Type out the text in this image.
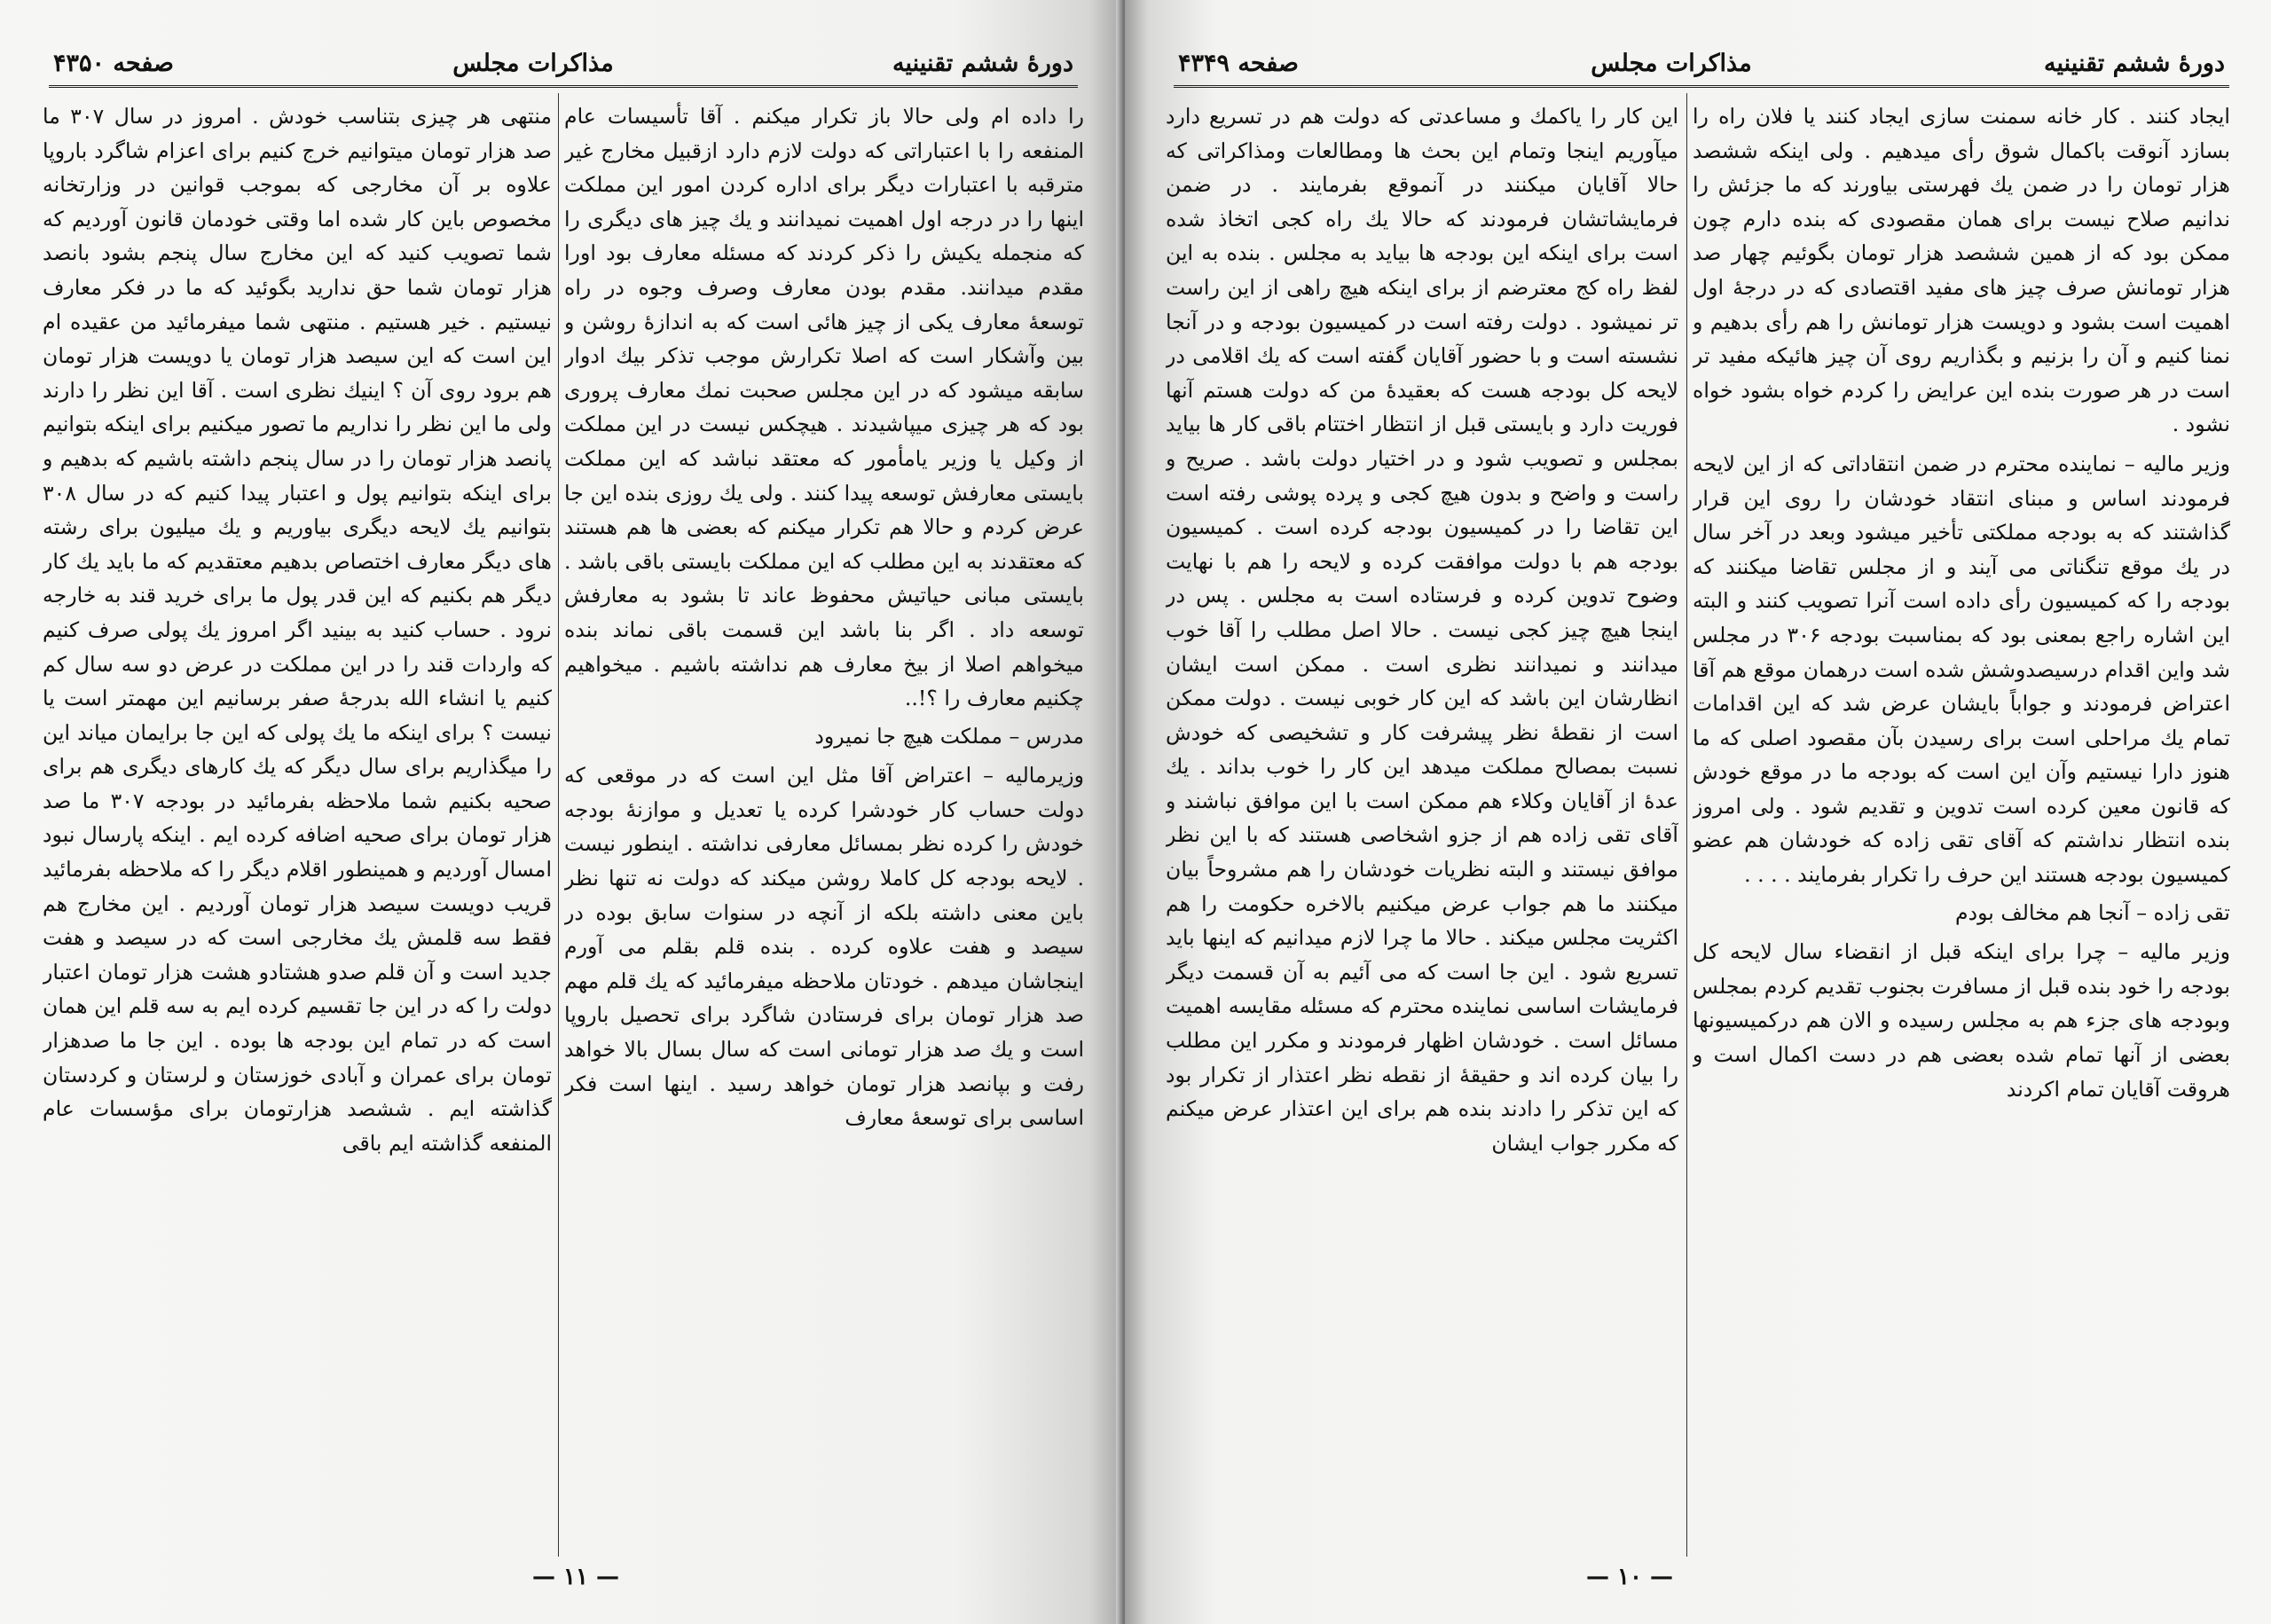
صفحه ۴۳۵۰	مذاكرات مجلس	دورهٔ ششم تقنینیه

را داده ام ولی حالا باز تکرار میکنم . آقا تأسیسات عام المنفعه را با اعتباراتی که دولت لازم دارد ازقبیل مخارج غیر مترقبه با اعتبارات دیگر برای اداره کردن امور این مملکت اینها را در درجه اول اهمیت نمیدانند و یك چیز های دیگری را که منجمله یکیش را ذکر کردند که مسئله معارف بود اورا مقدم میدانند. مقدم بودن معارف وصرف وجوه در راه توسعهٔ معارف یکی از چیز هائی است که به اندازهٔ روشن و بین وآشکار است که اصلا تکرارش موجب تذکر بیك ادوار سابقه میشود که در این مجلس صحبت نمك معارف پروری بود که هر چیزی میپاشیدند . هیچکس نیست در این مملکت از وکیل یا وزیر یامأمور که معتقد نباشد که این مملکت بایستی معارفش توسعه پیدا کنند . ولی یك روزی بنده این جا عرض کردم و حالا هم تکرار میکنم که بعضی ها هم هستند که معتقدند به این مطلب که این مملکت بایستی باقی باشد . بایستی مبانی حیاتیش محفوظ عاند تا بشود به معارفش توسعه داد . اگر بنا باشد این قسمت باقی نماند بنده میخواهم اصلا از بیخ معارف هم نداشته باشیم . میخواهیم چکنیم معارف را ؟!..

مدرس – مملکت هیچ جا نمیرود

وزیرمالیه – اعتراض آقا مثل این است که در موقعی که دولت حساب کار خودشرا کرده یا تعدیل و موازنهٔ بودجه خودش را کرده نظر بمسائل معارفی نداشته . اینطور نیست . لایحه بودجه کل کاملا روشن میکند که دولت نه تنها نظر باین معنی داشته بلکه از آنچه در سنوات سابق بوده در سیصد و هفت علاوه کرده . بنده قلم بقلم می آورم اینجاشان میدهم . خودتان ملاحظه میفرمائید که یك قلم مهم صد هزار تومان برای فرستادن شاگرد برای تحصیل باروپا است و یك صد هزار تومانی است که سال بسال بالا خواهد رفت و بپانصد هزار تومان خواهد رسید . اینها است فکر اساسی برای توسعهٔ معارف

منتهی هر چیزی بتناسب خودش . امروز در سال ۳۰۷ ما صد هزار تومان میتوانیم خرج کنیم برای اعزام شاگرد باروپا علاوه بر آن مخارجی که بموجب قوانین در وزارتخانه مخصوص باین کار شده اما وقتی خودمان قانون آوردیم که شما تصویب کنید که این مخارج سال پنجم بشود بانصد هزار تومان شما حق ندارید بگوئید که ما در فکر معارف نیستیم . خیر هستیم . منتهی شما میفرمائید من عقیده ام این است که این سیصد هزار تومان یا دویست هزار تومان هم برود روی آن ؟ اینیك نظری است . آقا این نظر را دارند ولی ما این نظر را نداریم ما تصور میکنیم برای اینکه بتوانیم پانصد هزار تومان را در سال پنجم داشته باشیم که بدهیم و برای اینکه بتوانیم پول و اعتبار پیدا کنیم که در سال ۳۰۸ بتوانیم یك لایحه دیگری بیاوریم و یك میلیون برای رشته های دیگر معارف اختصاص بدهیم معتقدیم که ما باید یك کار دیگر هم بکنیم که این قدر پول ما برای خرید قند به خارجه نرود . حساب کنید به بینید اگر امروز یك پولی صرف کنیم که واردات قند را در این مملکت در عرض دو سه سال کم کنیم یا انشاء الله بدرجهٔ صفر برسانیم این مهمتر است یا نیست ؟ برای اینکه ما یك پولی که این جا برایمان میاند این را میگذاریم برای سال دیگر که یك کارهای دیگری هم برای صحیه بکنیم شما ملاحظه بفرمائید در بودجه ۳۰۷ ما صد هزار تومان برای صحیه اضافه کرده ایم . اینکه پارسال نبود امسال آوردیم و همینطور اقلام دیگر را که ملاحظه بفرمائید قریب دویست سیصد هزار تومان آوردیم . این مخارج هم فقط سه قلمش یك مخارجی است که در سیصد و هفت جدید است و آن قلم صدو هشتادو هشت هزار تومان اعتبار دولت را که در این جا تقسیم کرده ایم به سه قلم این همان است که در تمام این بودجه ها بوده . این جا ما صدهزار تومان برای عمران و آبادی خوزستان و لرستان و کردستان گذاشته ایم . ششصد هزارتومان برای مؤسسات عام المنفعه گذاشته ایم باقی

— ۱۱ —
صفحه ۴۳۴۹	مذاكرات مجلس	دورهٔ ششم تقنینیه

ایجاد کنند . کار خانه سمنت سازی ایجاد کنند یا فلان راه را بسازد آنوقت باکمال شوق رأی میدهیم . ولی اینکه ششصد هزار تومان را در ضمن یك فهرستی بیاورند که ما جزئش را ندانیم صلاح نیست برای همان مقصودی که بنده دارم چون ممکن بود که از همین ششصد هزار تومان بگوئیم چهار صد هزار تومانش صرف چیز های مفید اقتصادی که در درجهٔ اول اهمیت است بشود و دویست هزار تومانش را هم رأی بدهیم و نمنا کنیم و آن را بزنیم و بگذاریم روی آن چیز هائیکه مفید تر است در هر صورت بنده این عرایض را کردم خواه بشود خواه نشود .

وزیر مالیه – نماینده محترم در ضمن انتقاداتی که از این لایحه فرمودند اساس و مبنای انتقاد خودشان را روی این قرار گذاشتند که به بودجه مملکتی تأخیر میشود وبعد در آخر سال در یك موقع تنگناتی می آیند و از مجلس تقاضا میکنند که بودجه را که کمیسیون رأی داده است آنرا تصویب کنند و البته این اشاره راجع بمعنی بود که بمناسبت بودجه ۳۰۶ در مجلس شد واین اقدام درسیصدوشش شده است درهمان موقع هم آقا اعتراض فرمودند و جواباً بایشان عرض شد که این اقدامات تمام یك مراحلی است برای رسیدن بآن مقصود اصلی که ما هنوز دارا نیستیم وآن این است که بودجه ما در موقع خودش که قانون معین کرده است تدوین و تقدیم شود . ولی امروز بنده انتظار نداشتم که آقای تقی زاده که خودشان هم عضو کمیسیون بودجه هستند این حرف را تکرار بفرمایند . . . .

تقی زاده – آنجا هم مخالف بودم

وزیر مالیه – چرا برای اینکه قبل از انقضاء سال لایحه کل بودجه را خود بنده قبل از مسافرت بجنوب تقدیم کردم بمجلس وبودجه های جزء هم به مجلس رسیده و الان هم درکمیسیونها بعضی از آنها تمام شده بعضی هم در دست اکمال است و هروقت آقایان تمام اکردند

این کار را یاکمك و مساعدتی که دولت هم در تسریع دارد میآوریم اینجا وتمام این بحث ها ومطالعات ومذاکراتی که حالا آقایان میکنند در آنموقع بفرمایند . در ضمن فرمایشاتشان فرمودند که حالا یك راه کجی اتخاذ شده است برای اینکه این بودجه ها بیاید به مجلس . بنده به این لفظ راه کج معترضم از برای اینکه هیچ راهی از این راست تر نمیشود . دولت رفته است در کمیسیون بودجه و در آنجا نشسته است و با حضور آقایان گفته است که یك اقلامی در لایحه کل بودجه هست که بعقیدهٔ من که دولت هستم آنها فوریت دارد و بایستی قبل از انتظار اختتام باقی کار ها بیاید بمجلس و تصویب شود و در اختیار دولت باشد . صریح و راست و واضح و بدون هیچ کجی و پرده پوشی رفته است این تقاضا را در کمیسیون بودجه کرده است . کمیسیون بودجه هم با دولت موافقت کرده و لایحه را هم با نهایت وضوح تدوین کرده و فرستاده است به مجلس . پس در اینجا هیچ چیز کجی نیست . حالا اصل مطلب را آقا خوب میدانند و نمیدانند نظری است . ممکن است ایشان انظارشان این باشد که این کار خوبی نیست . دولت ممکن است از نقطهٔ نظر پیشرفت کار و تشخیصی که خودش نسبت بمصالح مملکت میدهد این کار را خوب بداند . یك عدهٔ از آقایان وکلاء هم ممکن است با این موافق نباشند و آقای تقی زاده هم از جزو اشخاصی هستند که با این نظر موافق نیستند و البته نظریات خودشان را هم مشروحاً بیان میکنند ما هم جواب عرض میکنیم بالاخره حکومت را هم اکثریت مجلس میکند . حالا ما چرا لازم میدانیم که اینها باید تسریع شود . این جا است که می آئیم به آن قسمت دیگر فرمایشات اساسی نماینده محترم که مسئله مقایسه اهمیت مسائل است . خودشان اظهار فرمودند و مکرر این مطلب را بیان کرده اند و حقیقهٔ از نقطه نظر اعتذار از تکرار بود که این تذکر را دادند بنده هم برای این اعتذار عرض میکنم که مکرر جواب ایشان

— ۱۰ —
